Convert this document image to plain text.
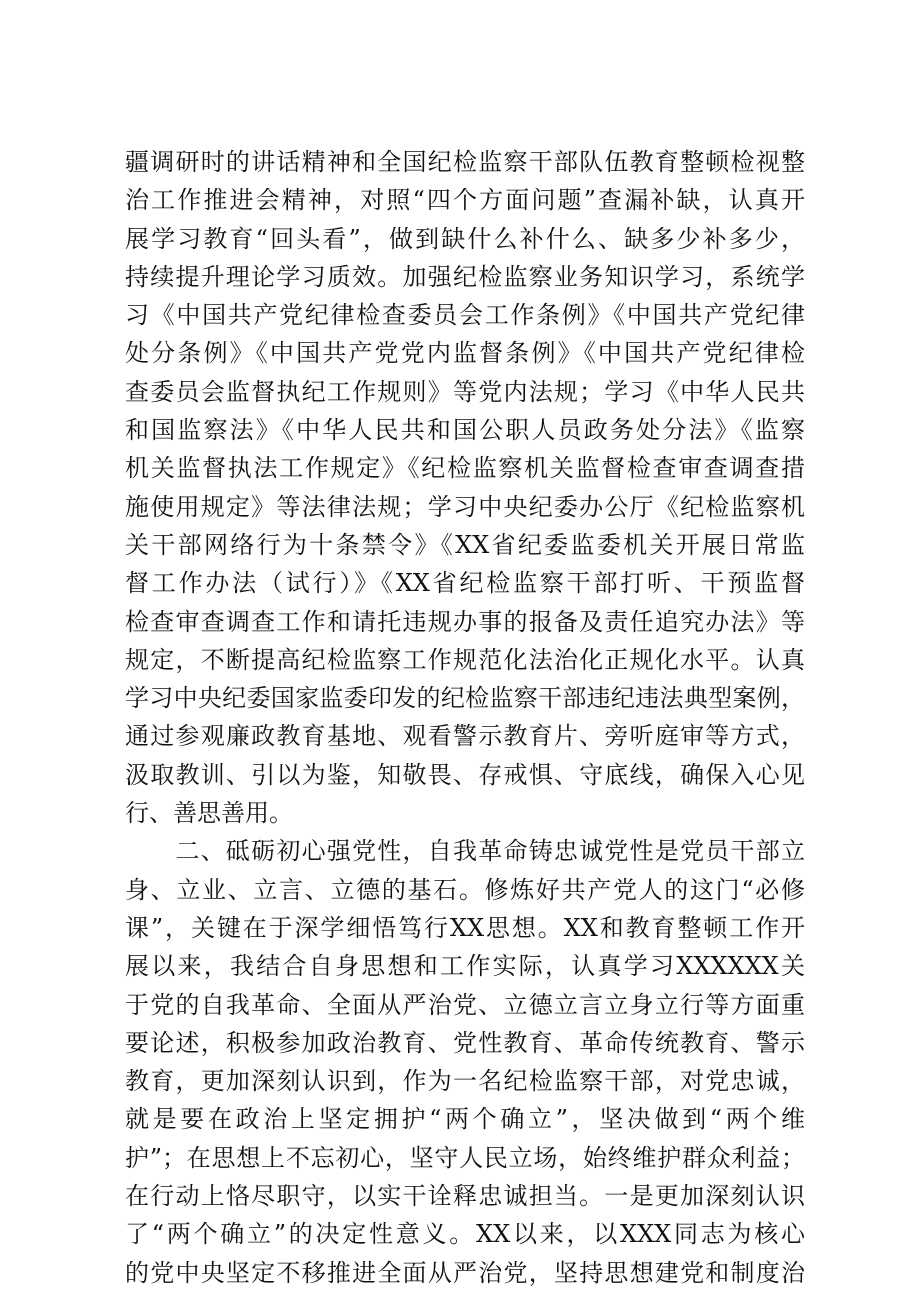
疆调研时的讲话精神和全国纪检监察干部队伍教育整顿检视整
治工作推进会精神，对照“四个方面问题”查漏补缺，认真开
展学习教育“回头看”，做到缺什么补什么、缺多少补多少，
持续提升理论学习质效。加强纪检监察业务知识学习，系统学
习《中国共产党纪律检查委员会工作条例》《中国共产党纪律
处分条例》《中国共产党党内监督条例》《中国共产党纪律检
查委员会监督执纪工作规则》等党内法规；学习《中华人民共
和国监察法》《中华人民共和国公职人员政务处分法》《监察
机关监督执法工作规定》《纪检监察机关监督检查审查调查措
施使用规定》等法律法规；学习中央纪委办公厅《纪检监察机
关干部网络行为十条禁令》《XX省纪委监委机关开展日常监
督工作办法（试行）》《XX省纪检监察干部打听、干预监督
检查审查调查工作和请托违规办事的报备及责任追究办法》等
规定，不断提高纪检监察工作规范化法治化正规化水平。认真
学习中央纪委国家监委印发的纪检监察干部违纪违法典型案例，
通过参观廉政教育基地、观看警示教育片、旁听庭审等方式，
汲取教训、引以为鉴，知敬畏、存戒惧、守底线，确保入心见
行、善思善用。
　　二、砥砺初心强党性，自我革命铸忠诚党性是党员干部立
身、立业、立言、立德的基石。修炼好共产党人的这门“必修
课”，关键在于深学细悟笃行XX思想。XX和教育整顿工作开
展以来，我结合自身思想和工作实际，认真学习XXXXXX关
于党的自我革命、全面从严治党、立德立言立身立行等方面重
要论述，积极参加政治教育、党性教育、革命传统教育、警示
教育，更加深刻认识到，作为一名纪检监察干部，对党忠诚，
就是要在政治上坚定拥护“两个确立”，坚决做到“两个维
护”；在思想上不忘初心，坚守人民立场，始终维护群众利益；
在行动上恪尽职守，以实干诠释忠诚担当。一是更加深刻认识
了“两个确立”的决定性意义。XX以来，以XXX同志为核心
的党中央坚定不移推进全面从严治党，坚持思想建党和制度治
